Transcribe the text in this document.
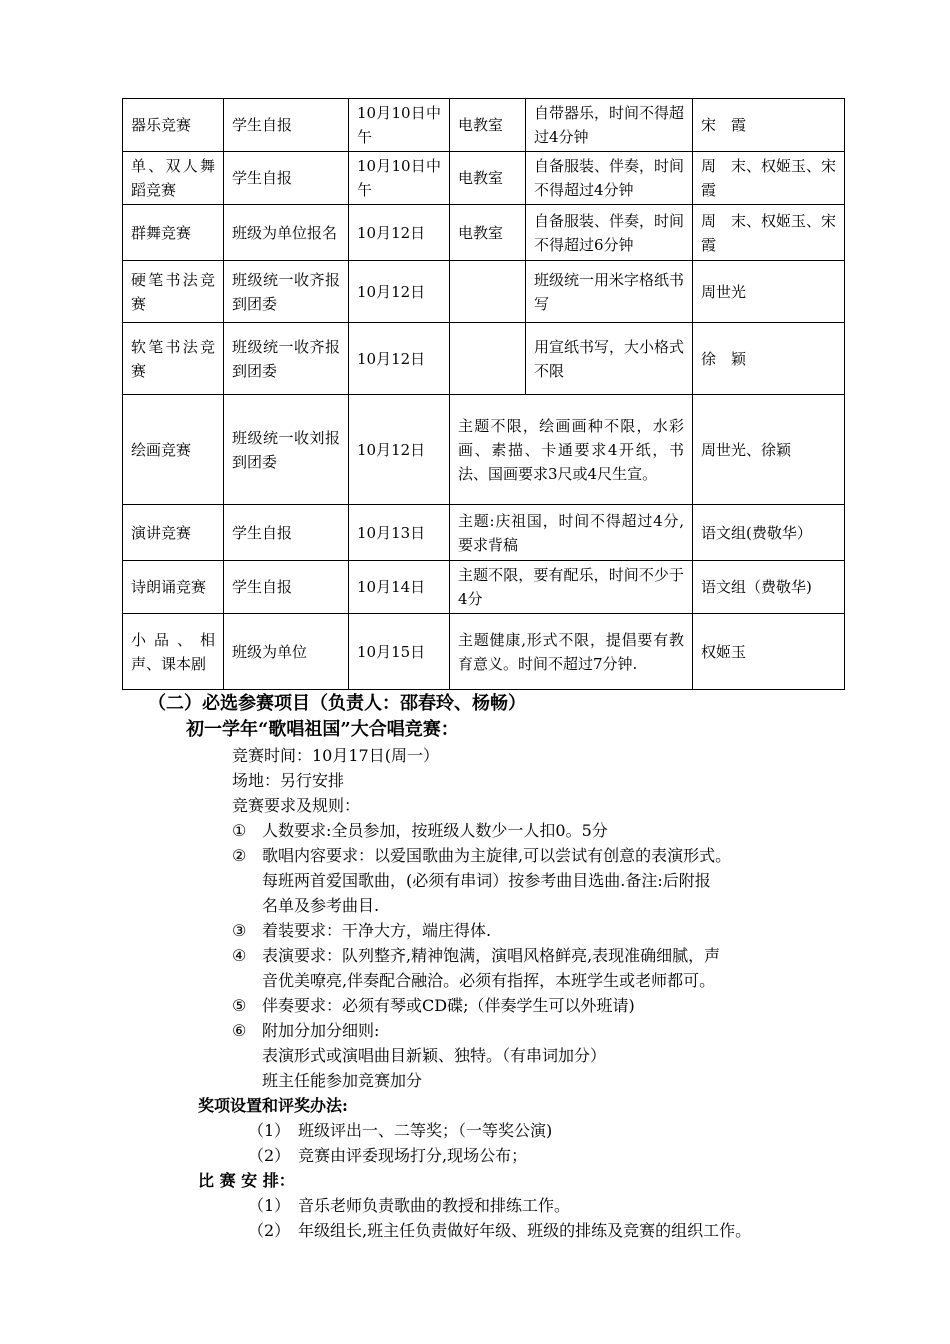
器乐竞赛	学生自报	10月10日中午	电教室	自带器乐，时间不得超过4分钟	宋　霞
单、双人舞蹈竞赛	学生自报	10月10日中午	电教室	自备服装、伴奏，时间不得超过4分钟	周　末、权姬玉、宋 霞
群舞竞赛	班级为单位报名	10月12日	电教室	自备服装、伴奏，时间不得超过6分钟	周　末、权姬玉、宋 霞
硬笔书法竞赛	班级统一收齐报到团委	10月12日		班级统一用米字格纸书写	周世光
软笔书法竞赛	班级统一收齐报到团委	10月12日		用宣纸书写，大小格式不限	徐　颖
绘画竞赛	班级统一收刘报到团委	10月12日	主题不限，绘画画种不限，水彩画、素描、卡通要求4开纸，书法、国画要求3尺或4尺生宣。		周世光、徐颖
演讲竞赛	学生自报	10月13日	主题:庆祖国，时间不得超过4分,要求背稿		语文组(费敬华）
诗朗诵竞赛	学生自报	10月14日	主题不限，要有配乐，时间不少于4分		语文组（费敬华)
小品、相声、课本剧	班级为单位	10月15日	主题健康,形式不限，提倡要有教育意义。时间不超过7分钟.		权姬玉
（二）必选参赛项目（负责人：邵春玲、杨畅）
初一学年“歌唱祖国”大合唱竞赛：
竞赛时间：10月17日(周一）
场地：另行安排
竞赛要求及规则：
① 人数要求:全员参加，按班级人数少一人扣0。5分
② 歌唱内容要求：以爱国歌曲为主旋律,可以尝试有创意的表演形式。
每班两首爱国歌曲，(必须有串词）按参考曲目选曲.备注:后附报
名单及参考曲目.
③ 着装要求：干净大方，端庄得体.
④ 表演要求：队列整齐,精神饱满，演唱风格鲜亮,表现准确细腻，声
音优美嘹亮,伴奏配合融洽。必须有指挥，本班学生或老师都可。
⑤ 伴奏要求：必须有琴或CD碟;（伴奏学生可以外班请)
⑥ 附加分加分细则:
表演形式或演唱曲目新颖、独特。（有串词加分）
班主任能参加竞赛加分
奖项设置和评奖办法:
（1） 班级评出一、二等奖；（一等奖公演)
（2） 竞赛由评委现场打分,现场公布；
比 赛 安 排：
（1） 音乐老师负责歌曲的教授和排练工作。
（2） 年级组长,班主任负责做好年级、班级的排练及竞赛的组织工作。
